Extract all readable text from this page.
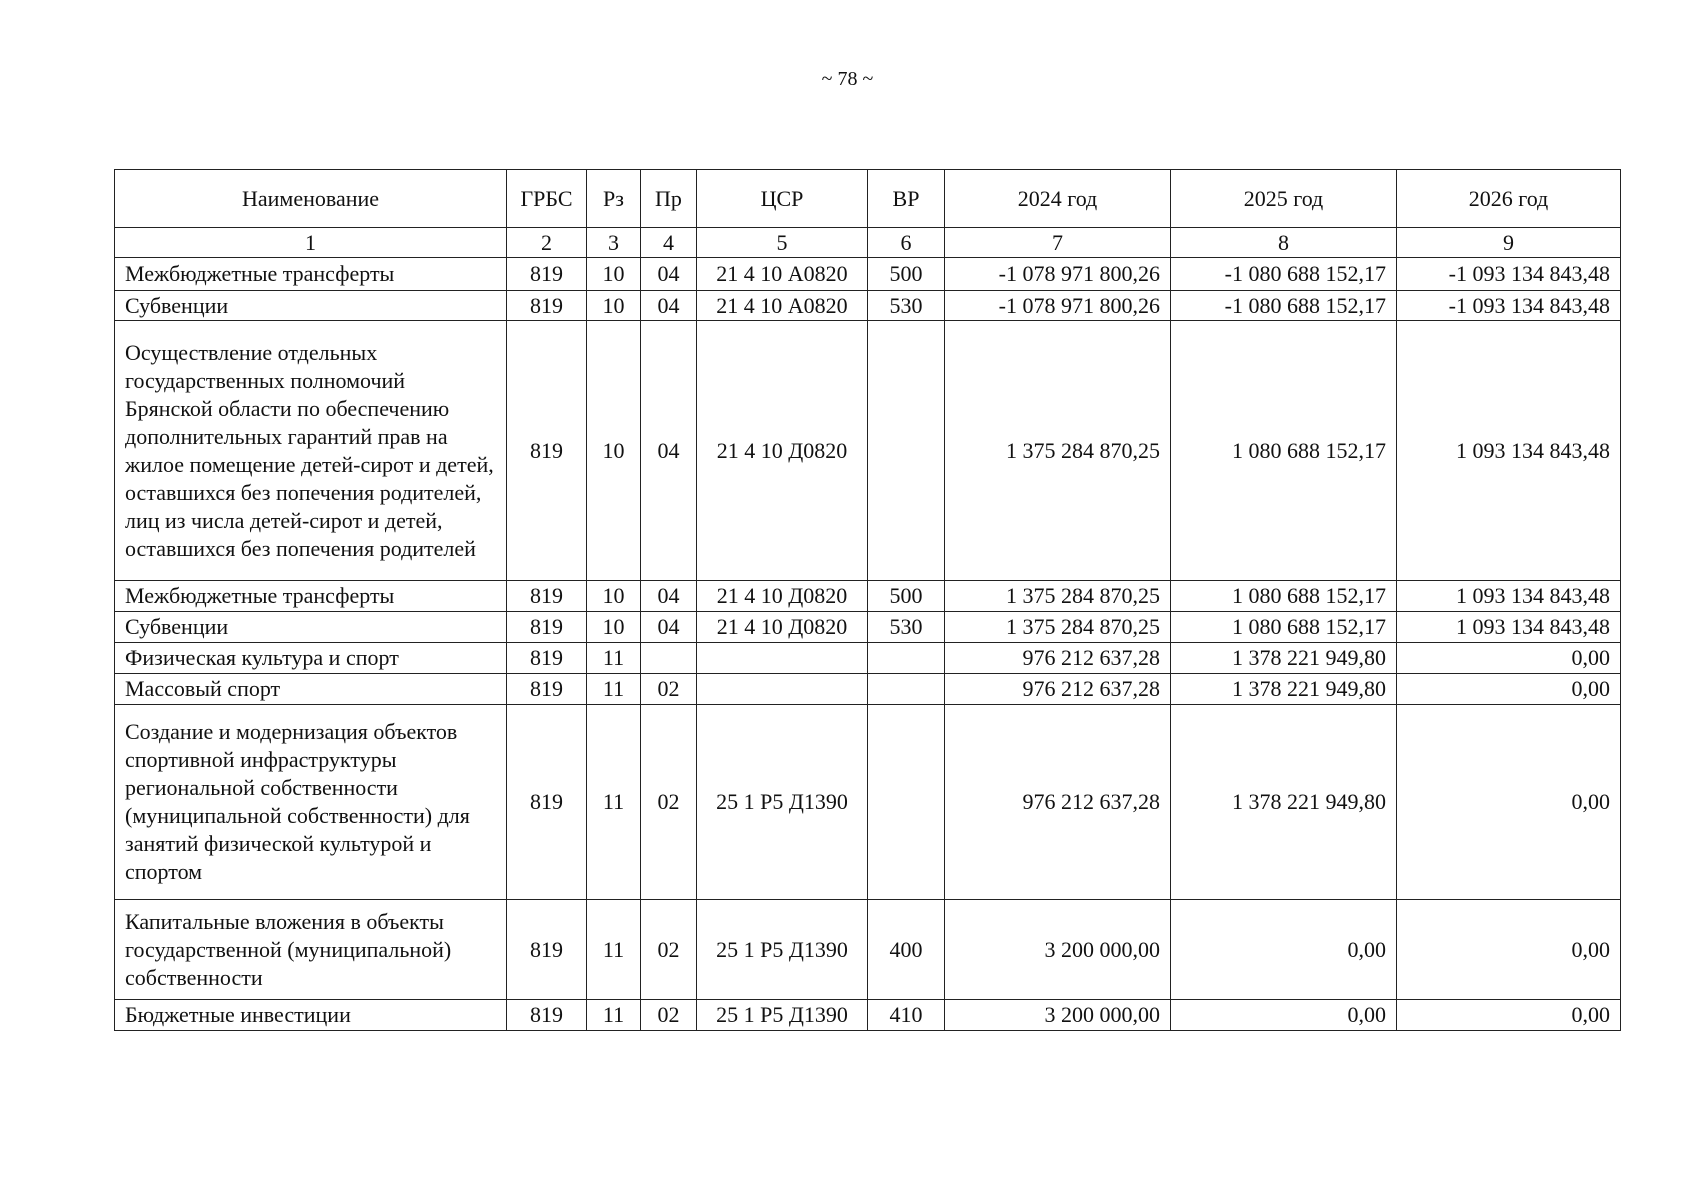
~ 78 ~
Наименование	ГРБС	Рз	Пр	ЦСР	ВР	2024 год	2025 год	2026 год
1	2	3	4	5	6	7	8	9
Межбюджетные трансферты	819	10	04	21 4 10 А0820	500	-1 078 971 800,26	-1 080 688 152,17	-1 093 134 843,48
Субвенции	819	10	04	21 4 10 А0820	530	-1 078 971 800,26	-1 080 688 152,17	-1 093 134 843,48
Осуществление отдельных государственных полномочий Брянской области по обеспечению дополнительных гарантий прав на жилое помещение детей-сирот и детей, оставшихся без попечения родителей, лиц из числа детей-сирот и детей, оставшихся без попечения родителей	819	10	04	21 4 10 Д0820		1 375 284 870,25	1 080 688 152,17	1 093 134 843,48
Межбюджетные трансферты	819	10	04	21 4 10 Д0820	500	1 375 284 870,25	1 080 688 152,17	1 093 134 843,48
Субвенции	819	10	04	21 4 10 Д0820	530	1 375 284 870,25	1 080 688 152,17	1 093 134 843,48
Физическая культура и спорт	819	11				976 212 637,28	1 378 221 949,80	0,00
Массовый спорт	819	11	02			976 212 637,28	1 378 221 949,80	0,00
Создание и модернизация объектов спортивной инфраструктуры региональной собственности (муниципальной собственности) для занятий физической культурой и спортом	819	11	02	25 1 Р5 Д1390		976 212 637,28	1 378 221 949,80	0,00
Капитальные вложения в объекты государственной (муниципальной) собственности	819	11	02	25 1 Р5 Д1390	400	3 200 000,00	0,00	0,00
Бюджетные инвестиции	819	11	02	25 1 Р5 Д1390	410	3 200 000,00	0,00	0,00
